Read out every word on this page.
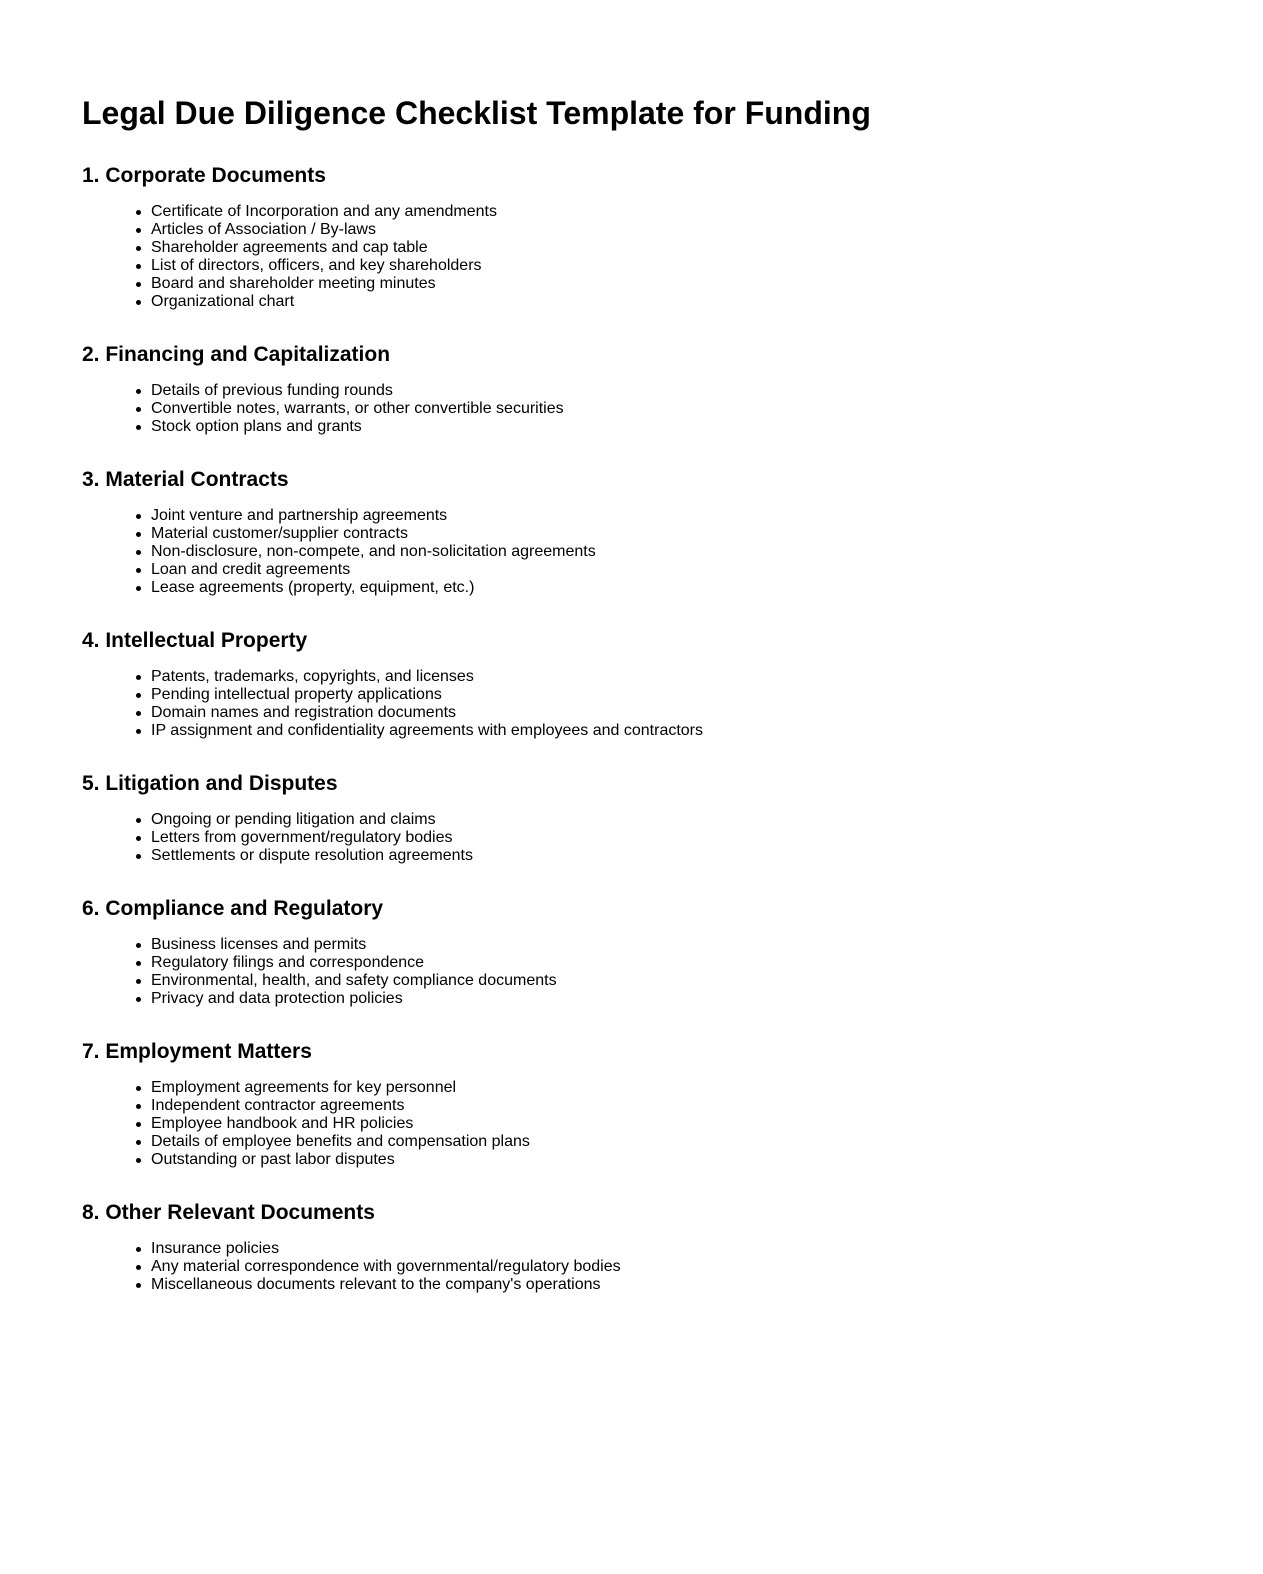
Legal Due Diligence Checklist Template for Funding
1. Corporate Documents
Certificate of Incorporation and any amendments
Articles of Association / By-laws
Shareholder agreements and cap table
List of directors, officers, and key shareholders
Board and shareholder meeting minutes
Organizational chart
2. Financing and Capitalization
Details of previous funding rounds
Convertible notes, warrants, or other convertible securities
Stock option plans and grants
3. Material Contracts
Joint venture and partnership agreements
Material customer/supplier contracts
Non-disclosure, non-compete, and non-solicitation agreements
Loan and credit agreements
Lease agreements (property, equipment, etc.)
4. Intellectual Property
Patents, trademarks, copyrights, and licenses
Pending intellectual property applications
Domain names and registration documents
IP assignment and confidentiality agreements with employees and contractors
5. Litigation and Disputes
Ongoing or pending litigation and claims
Letters from government/regulatory bodies
Settlements or dispute resolution agreements
6. Compliance and Regulatory
Business licenses and permits
Regulatory filings and correspondence
Environmental, health, and safety compliance documents
Privacy and data protection policies
7. Employment Matters
Employment agreements for key personnel
Independent contractor agreements
Employee handbook and HR policies
Details of employee benefits and compensation plans
Outstanding or past labor disputes
8. Other Relevant Documents
Insurance policies
Any material correspondence with governmental/regulatory bodies
Miscellaneous documents relevant to the company's operations
